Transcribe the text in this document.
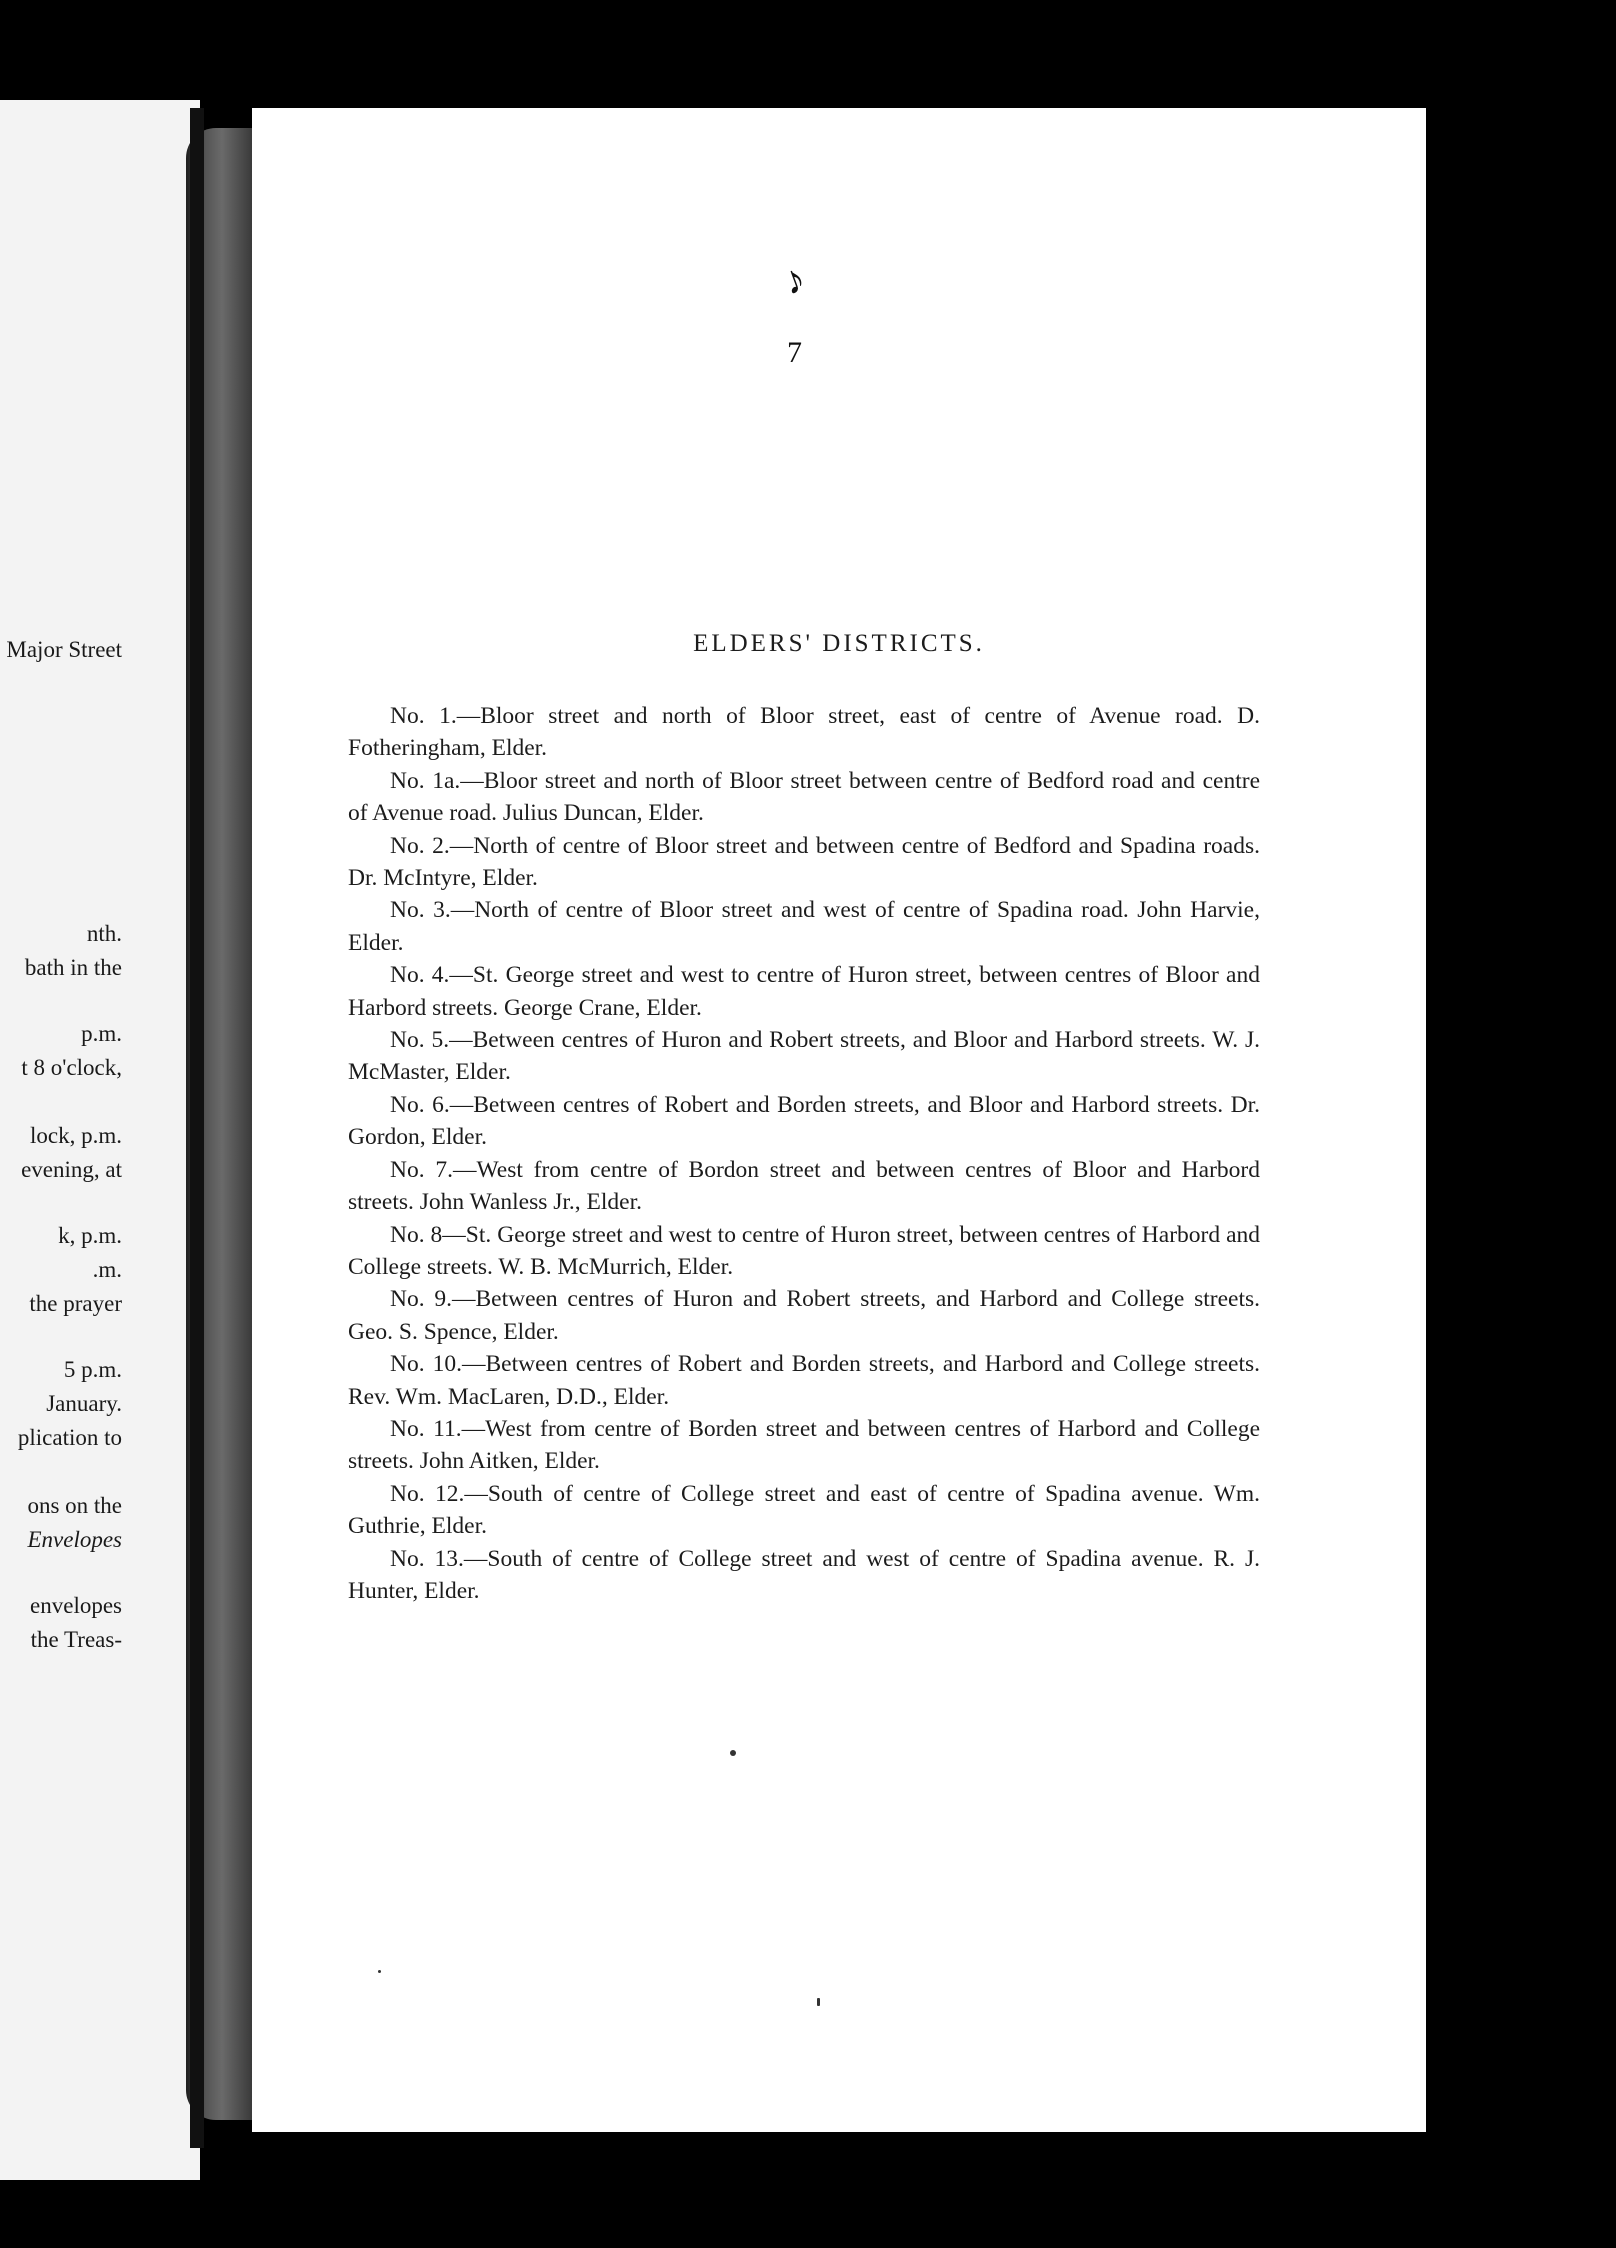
Major Street
nth.
bath in the
p.m.
t 8 o'clock,
lock, p.m.
evening, at
k, p.m.
.m.
the prayer
5 p.m.
January.
plication to
ons on the
Envelopes
envelopes
the Treas-
♪
7
ELDERS' DISTRICTS.

No. 1.—Bloor street and north of Bloor street, east of centre of Avenue road. D. Fotheringham, Elder.

No. 1a.—Bloor street and north of Bloor street between centre of Bedford road and centre of Avenue road. Julius Duncan, Elder.

No. 2.—North of centre of Bloor street and between centre of Bedford and Spadina roads. Dr. McIntyre, Elder.

No. 3.—North of centre of Bloor street and west of centre of Spadina road. John Harvie, Elder.

No. 4.—St. George street and west to centre of Huron street, between centres of Bloor and Harbord streets. George Crane, Elder.

No. 5.—Between centres of Huron and Robert streets, and Bloor and Harbord streets. W. J. McMaster, Elder.

No. 6.—Between centres of Robert and Borden streets, and Bloor and Harbord streets. Dr. Gordon, Elder.

No. 7.—West from centre of Bordon street and between centres of Bloor and Harbord streets. John Wanless Jr., Elder.

No. 8—St. George street and west to centre of Huron street, between centres of Harbord and College streets. W. B. McMurrich, Elder.

No. 9.—Between centres of Huron and Robert streets, and Harbord and College streets. Geo. S. Spence, Elder.

No. 10.—Between centres of Robert and Borden streets, and Harbord and College streets. Rev. Wm. MacLaren, D.D., Elder.

No. 11.—West from centre of Borden street and between centres of Harbord and College streets. John Aitken, Elder.

No. 12.—South of centre of College street and east of centre of Spadina avenue. Wm. Guthrie, Elder.

No. 13.—South of centre of College street and west of centre of Spadina avenue. R. J. Hunter, Elder.
